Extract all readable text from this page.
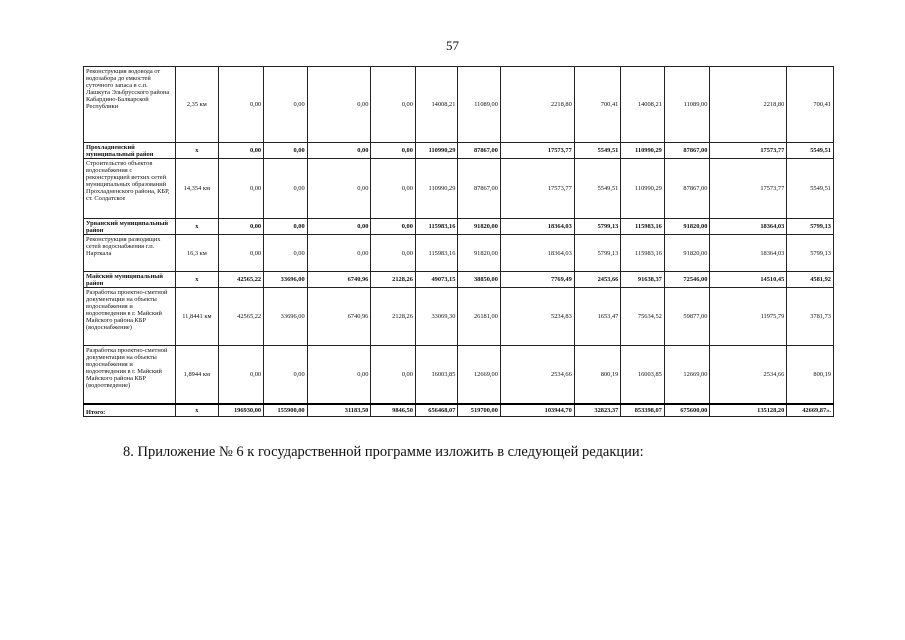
57
Реконструкция водовода от водозабора до емкостей суточного запаса в с.п. Лашкута Эльбрусского района Кабардино-Балкарской Республики	2,35 км	0,00	0,00	0,00	0,00	14008,21	11089,00	2218,80	700,41	14008,21	11089,00	2218,80	700,41
Прохладненский муниципальный район	х	0,00	0,00	0,00	0,00	110990,29	87867,00	17573,77	5549,51	110990,29	87867,00	17573,77	5549,51
Строительство объектов водоснабжения с реконструкцией ветхих сетей муниципальных образований Прохладненского района, КБР, ст. Солдатское	14,354 км	0,00	0,00	0,00	0,00	110990,29	87867,00	17573,77	5549,51	110990,29	87867,00	17573,77	5549,51
Урванский муниципальный район	х	0,00	0,00	0,00	0,00	115983,16	91820,00	18364,03	5799,13	115983,16	91820,00	18364,03	5799,13
Реконструкция разводящих сетей водоснабжения г.п. Нарткала	16,3 км	0,00	0,00	0,00	0,00	115983,16	91820,00	18364,03	5799,13	115983,16	91820,00	18364,03	5799,13
Майский муниципальный район	х	42565,22	33696,00	6740,96	2128,26	49073,15	38850,00	7769,49	2453,66	91638,37	72546,00	14510,45	4581,92
Разработка проектно-сметной документации на объекты водоснабжения и водоотведения в г. Майский Майского района КБР (водоснабжение)	11,8441 км	42565,22	33696,00	6740,96	2128,26	33069,30	26181,00	5234,83	1653,47	75634,52	59877,00	11975,79	3781,73
Разработка проектно-сметной документации на объекты водоснабжения и водоотведения в г. Майский Майского района КБР (водоотведение)	1,8944 км	0,00	0,00	0,00	0,00	16003,85	12669,00	2534,66	800,19	16003,85	12669,00	2534,66	800,19
Итого:	х	196930,00	155900,00	31183,50	9846,50	656468,07	519700,00	103944,70	32823,37	853398,07	675600,00	135128,20	42669,87».
8. Приложение № 6 к государственной программе изложить в следующей редакции:
